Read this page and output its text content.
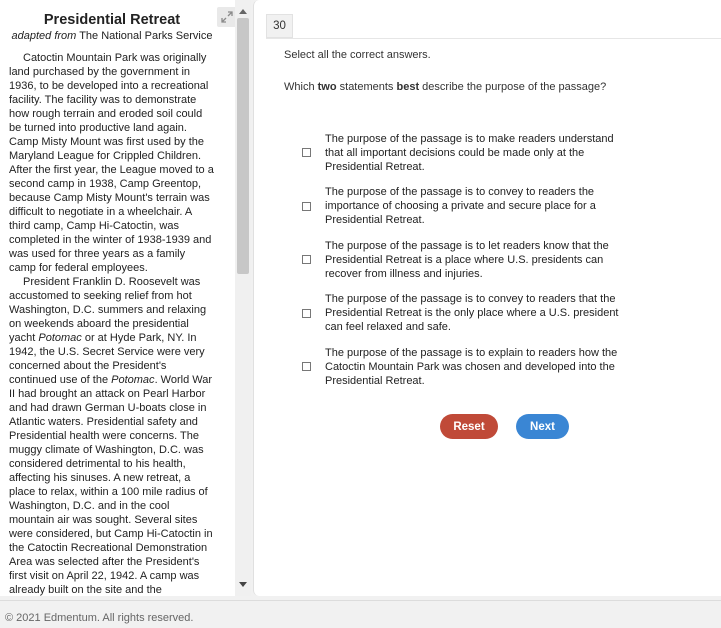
Presidential Retreat
adapted from The National Parks Service

Catoctin Mountain Park was originally land purchased by the government in 1936, to be developed into a recreational facility. The facility was to demonstrate how rough terrain and eroded soil could be turned into productive land again. Camp Misty Mount was first used by the Maryland League for Crippled Children. After the first year, the League moved to a second camp in 1938, Camp Greentop, because Camp Misty Mount's terrain was difficult to negotiate in a wheelchair. A third camp, Camp Hi-Catoctin, was completed in the winter of 1938-1939 and was used for three years as a family camp for federal employees.

President Franklin D. Roosevelt was accustomed to seeking relief from hot Washington, D.C. summers and relaxing on weekends aboard the presidential yacht Potomac or at Hyde Park, NY. In 1942, the U.S. Secret Service were very concerned about the President's continued use of the Potomac. World War II had brought an attack on Pearl Harbor and had drawn German U-boats close in Atlantic waters. Presidential safety and Presidential health were concerns. The muggy climate of Washington, D.C. was considered detrimental to his health, affecting his sinuses. A new retreat, a place to relax, within a 100 mile radius of Washington, D.C. and in the cool mountain air was sought. Several sites were considered, but Camp Hi-Catoctin in the Catoctin Recreational Demonstration Area was selected after the President's first visit on April 22, 1942. A camp was already built on the site and the

30
Select all the correct answers.
Which two statements best describe the purpose of the passage?
The purpose of the passage is to make readers understand that all important decisions could be made only at the Presidential Retreat.
The purpose of the passage is to convey to readers the importance of choosing a private and secure place for a Presidential Retreat.
The purpose of the passage is to let readers know that the Presidential Retreat is a place where U.S. presidents can recover from illness and injuries.
The purpose of the passage is to convey to readers that the Presidential Retreat is the only place where a U.S. president can feel relaxed and safe.
The purpose of the passage is to explain to readers how the Catoctin Mountain Park was chosen and developed into the Presidential Retreat.
Reset	Next
© 2021 Edmentum. All rights reserved.
